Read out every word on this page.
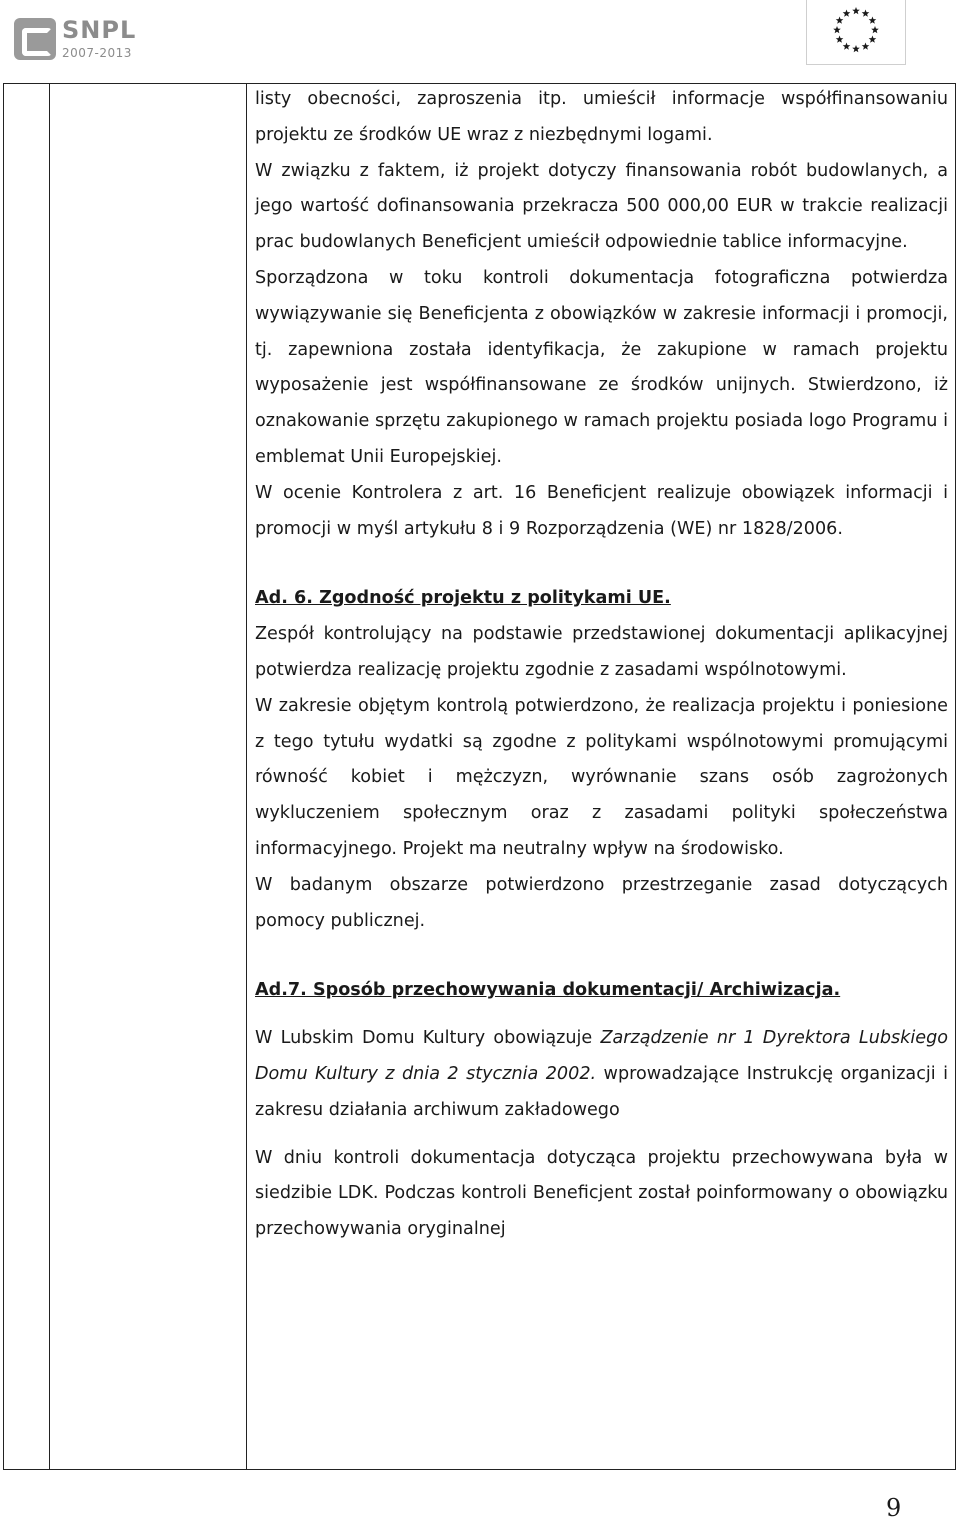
SNPL
2007-2013

listy obecności, zaproszenia itp. umieścił informacje współfinansowaniu projektu ze środków UE wraz z niezbędnymi logami.

W związku z faktem, iż projekt dotyczy finansowania robót budowlanych, a jego wartość dofinansowania przekracza 500 000,00 EUR w trakcie realizacji prac budowlanych Beneficjent umieścił odpowiednie tablice informacyjne.

Sporządzona w toku kontroli dokumentacja fotograficzna potwierdza wywiązywanie się Beneficjenta z obowiązków w zakresie informacji i promocji, tj. zapewniona została identyfikacja, że zakupione w ramach projektu wyposażenie jest współfinansowane ze środków unijnych. Stwierdzono, iż oznakowanie sprzętu zakupionego w ramach projektu posiada logo Programu i emblemat Unii Europejskiej.

W ocenie Kontrolera z art. 16 Beneficjent realizuje obowiązek informacji i promocji w myśl artykułu 8 i 9 Rozporządzenia (WE) nr 1828/2006.

Ad. 6. Zgodność projektu z politykami UE.

Zespół kontrolujący na podstawie przedstawionej dokumentacji aplikacyjnej potwierdza realizację projektu zgodnie z zasadami wspólnotowymi.

W zakresie objętym kontrolą potwierdzono, że realizacja projektu i poniesione z tego tytułu wydatki są zgodne z politykami wspólnotowymi promującymi równość kobiet i mężczyzn, wyrównanie szans osób zagrożonych wykluczeniem społecznym oraz z zasadami polityki społeczeństwa informacyjnego. Projekt ma neutralny wpływ na środowisko.

W badanym obszarze potwierdzono przestrzeganie zasad dotyczących pomocy publicznej.

Ad.7. Sposób przechowywania dokumentacji/ Archiwizacja.

W Lubskim Domu Kultury obowiązuje Zarządzenie nr 1 Dyrektora Lubskiego Domu Kultury z dnia 2 stycznia 2002. wprowadzające Instrukcję organizacji i zakresu działania archiwum zakładowego

W dniu kontroli dokumentacja dotycząca projektu przechowywana była w siedzibie LDK. Podczas kontroli Beneficjent został poinformowany o obowiązku przechowywania oryginalnej

9
